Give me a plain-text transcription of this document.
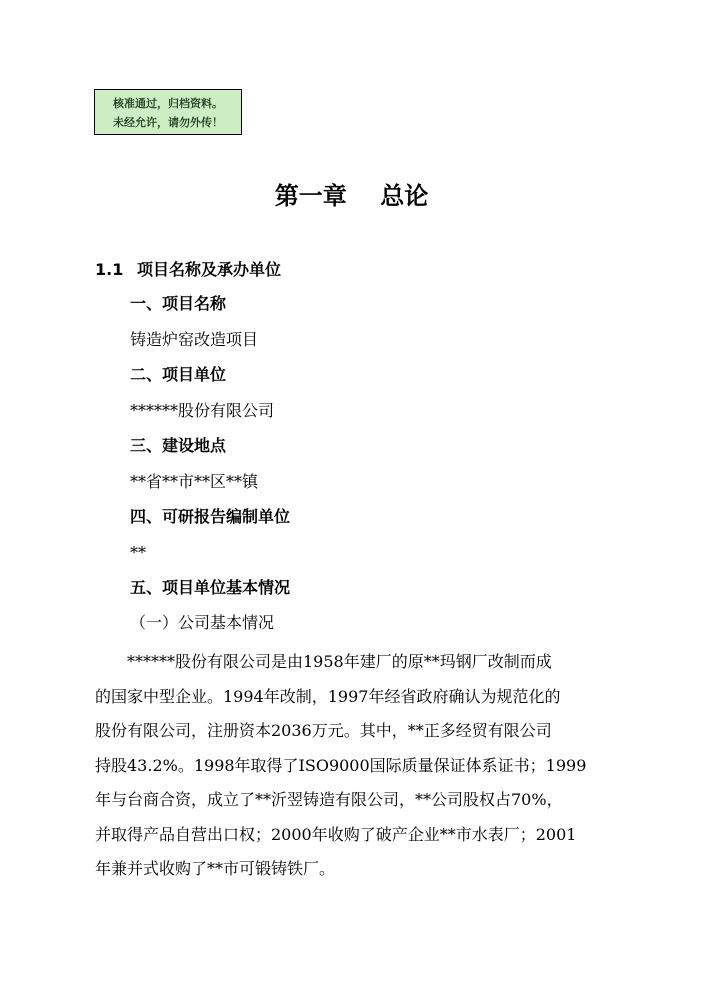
核准通过，归档资料。
未经允许，请勿外传！
第一章    总论
1.1 项目名称及承办单位
一、项目名称
铸造炉窑改造项目
二、项目单位
******股份有限公司
三、建设地点
**省**市**区**镇
四、可研报告编制单位
**
五、项目单位基本情况
（一）公司基本情况
　　******股份有限公司是由1958年建厂的原**玛钢厂改制而成
的国家中型企业。1994年改制，1997年经省政府确认为规范化的
股份有限公司，注册资本2036万元。其中，**正多经贸有限公司
持股43.2%。1998年取得了ISO9000国际质量保证体系证书；1999
年与台商合资，成立了**沂翌铸造有限公司，**公司股权占70%，
并取得产品自营出口权；2000年收购了破产企业**市水表厂；2001
年兼并式收购了**市可锻铸铁厂。
